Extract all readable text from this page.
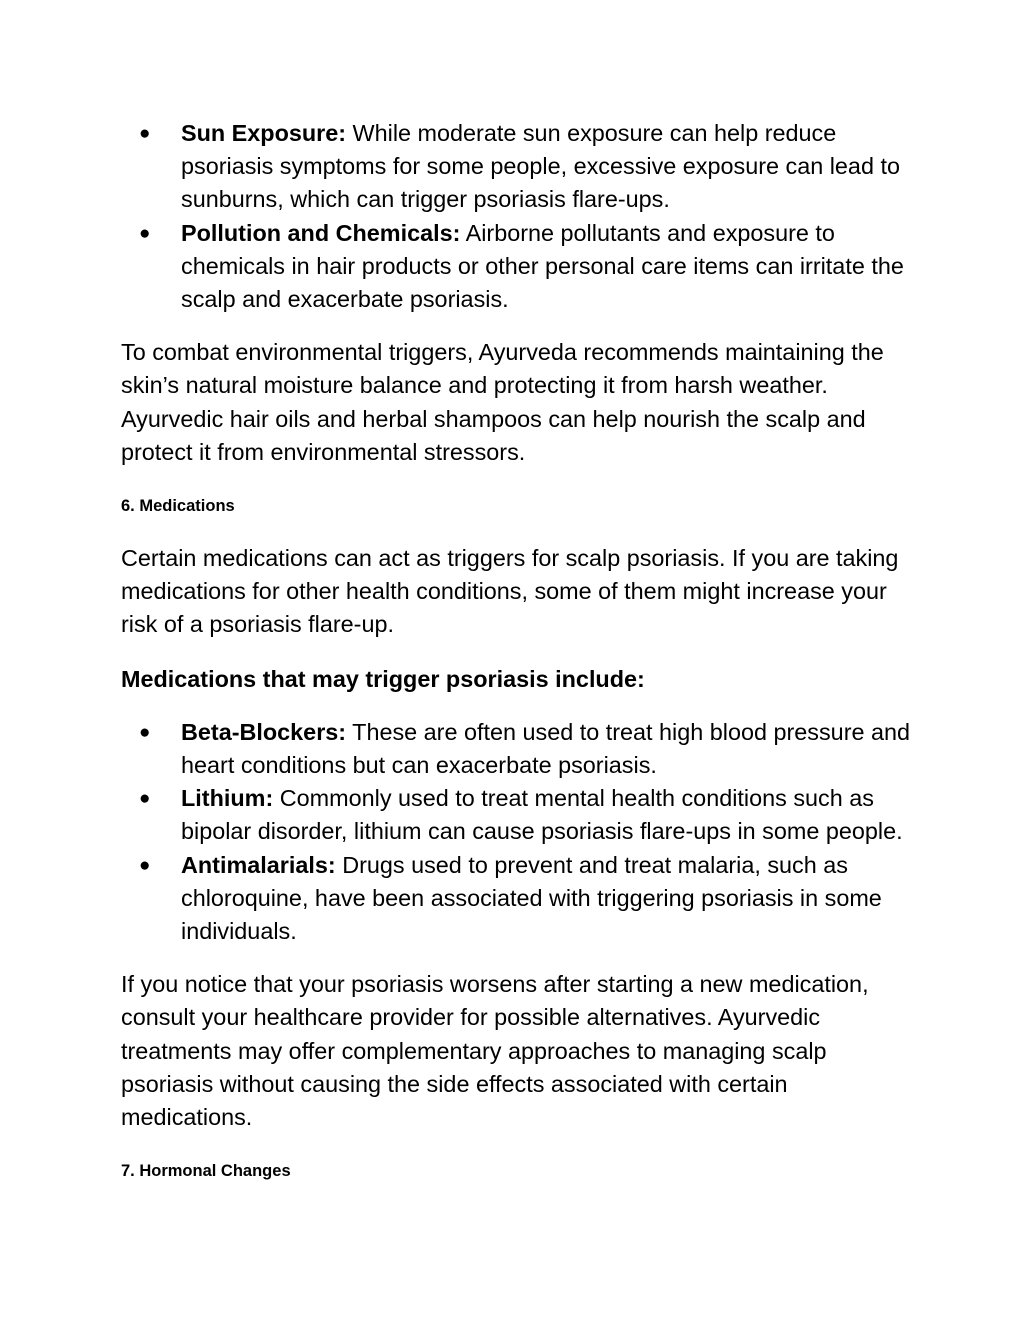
● Sun Exposure: While moderate sun exposure can help reduce psoriasis symptoms for some people, excessive exposure can lead to sunburns, which can trigger psoriasis flare-ups.
● Pollution and Chemicals: Airborne pollutants and exposure to chemicals in hair products or other personal care items can irritate the scalp and exacerbate psoriasis.

To combat environmental triggers, Ayurveda recommends maintaining the skin’s natural moisture balance and protecting it from harsh weather. Ayurvedic hair oils and herbal shampoos can help nourish the scalp and protect it from environmental stressors.

6. Medications

Certain medications can act as triggers for scalp psoriasis. If you are taking medications for other health conditions, some of them might increase your risk of a psoriasis flare-up.

Medications that may trigger psoriasis include:

● Beta-Blockers: These are often used to treat high blood pressure and heart conditions but can exacerbate psoriasis.
● Lithium: Commonly used to treat mental health conditions such as bipolar disorder, lithium can cause psoriasis flare-ups in some people.
● Antimalarials: Drugs used to prevent and treat malaria, such as chloroquine, have been associated with triggering psoriasis in some individuals.

If you notice that your psoriasis worsens after starting a new medication, consult your healthcare provider for possible alternatives. Ayurvedic treatments may offer complementary approaches to managing scalp psoriasis without causing the side effects associated with certain medications.

7. Hormonal Changes
